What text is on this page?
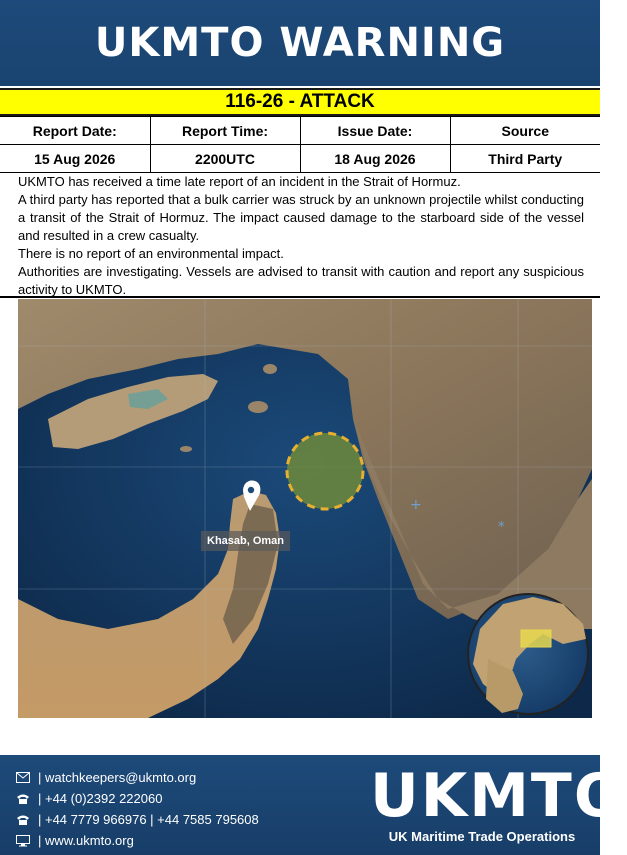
UKMTO WARNING
116-26 - ATTACK
Report Date:	Report Time:	Issue Date:	Source
15 Aug 2026	2200UTC	18 Aug 2026	Third Party

UKMTO has received a time late report of an incident in the Strait of Hormuz.

A third party has reported that a bulk carrier was struck by an unknown projectile whilst conducting a transit of the Strait of Hormuz. The impact caused damage to the starboard side of the vessel and resulted in a crew casualty.

There is no report of an environmental impact.

Authorities are investigating. Vessels are advised to transit with caution and report any suspicious activity to UKMTO.

+
*
Khasab, Oman
| watchkeepers@ukmto.org
| +44 (0)2392 222060
| +44 7779 966976 | +44 7585 795608
| www.ukmto.org
UKMTO
UK Maritime Trade Operations
